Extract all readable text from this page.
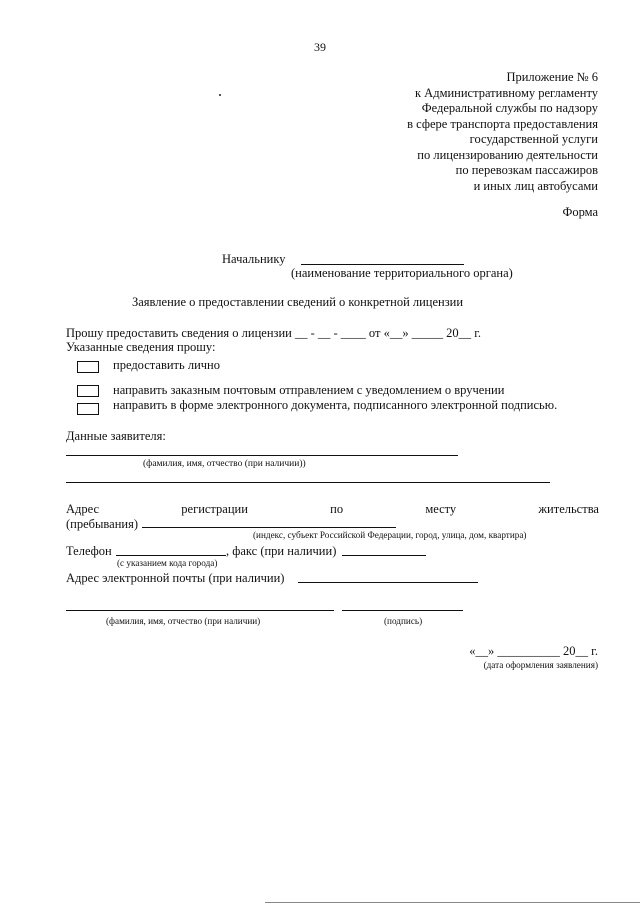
39
Приложение № 6
к Административному регламенту
Федеральной службы по надзору
в сфере транспорта предоставления
государственной услуги
по лицензированию деятельности
по перевозкам пассажиров
и иных лиц автобусами
Форма
Начальнику
(наименование территориального органа)
Заявление о предоставлении сведений о конкретной лицензии
Прошу предоставить сведения о лицензии __ - __ - ____ от «__» _____ 20__ г.
Указанные сведения прошу:
предоставить лично
направить заказным почтовым отправлением с уведомлением о вручении
направить в форме электронного документа, подписанного электронной подписью.
Данные заявителя:
(фамилия, имя, отчество (при наличии))
Адрес	регистрации	по	месту	жительства
(пребывания)
(индекс, субъект Российской Федерации, город, улица, дом, квартира)
Телефон	, факс (при наличии)
(с указанием кода города)
Адрес электронной почты (при наличии)
(фамилия, имя, отчество (при наличии)	(подпись)
«__» __________ 20__ г.
(дата оформления заявления)
